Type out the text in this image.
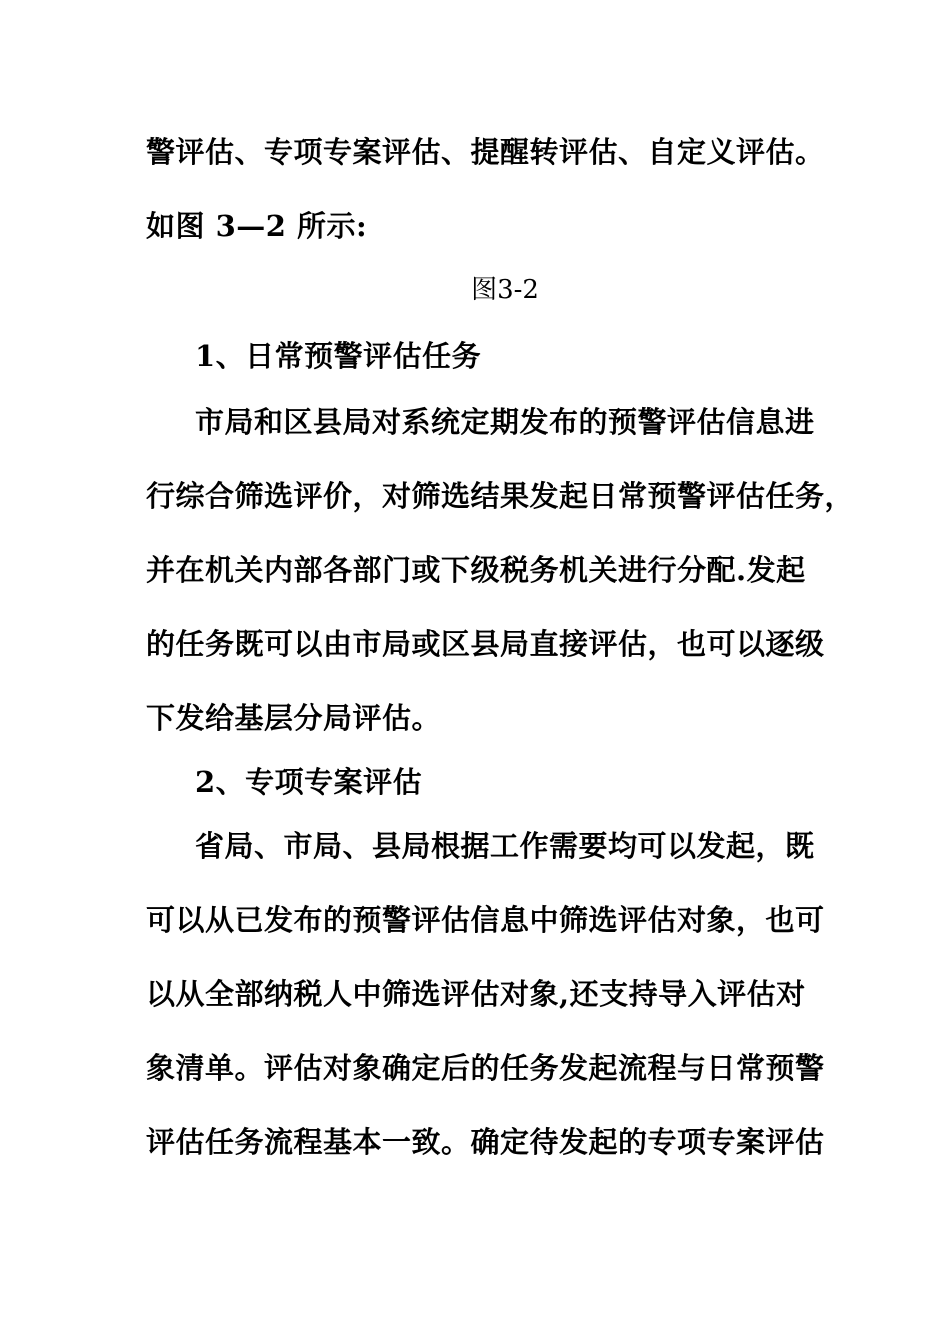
警评估、专项专案评估、提醒转评估、自定义评估。
如图 3—2 所示:
图3-2
1、日常预警评估任务
市局和区县局对系统定期发布的预警评估信息进
行综合筛选评价，对筛选结果发起日常预警评估任务，
并在机关内部各部门或下级税务机关进行分配.发起
的任务既可以由市局或区县局直接评估，也可以逐级
下发给基层分局评估。
2、专项专案评估
省局、市局、县局根据工作需要均可以发起，既
可以从已发布的预警评估信息中筛选评估对象，也可
以从全部纳税人中筛选评估对象,还支持导入评估对
象清单。评估对象确定后的任务发起流程与日常预警
评估任务流程基本一致。确定待发起的专项专案评估
